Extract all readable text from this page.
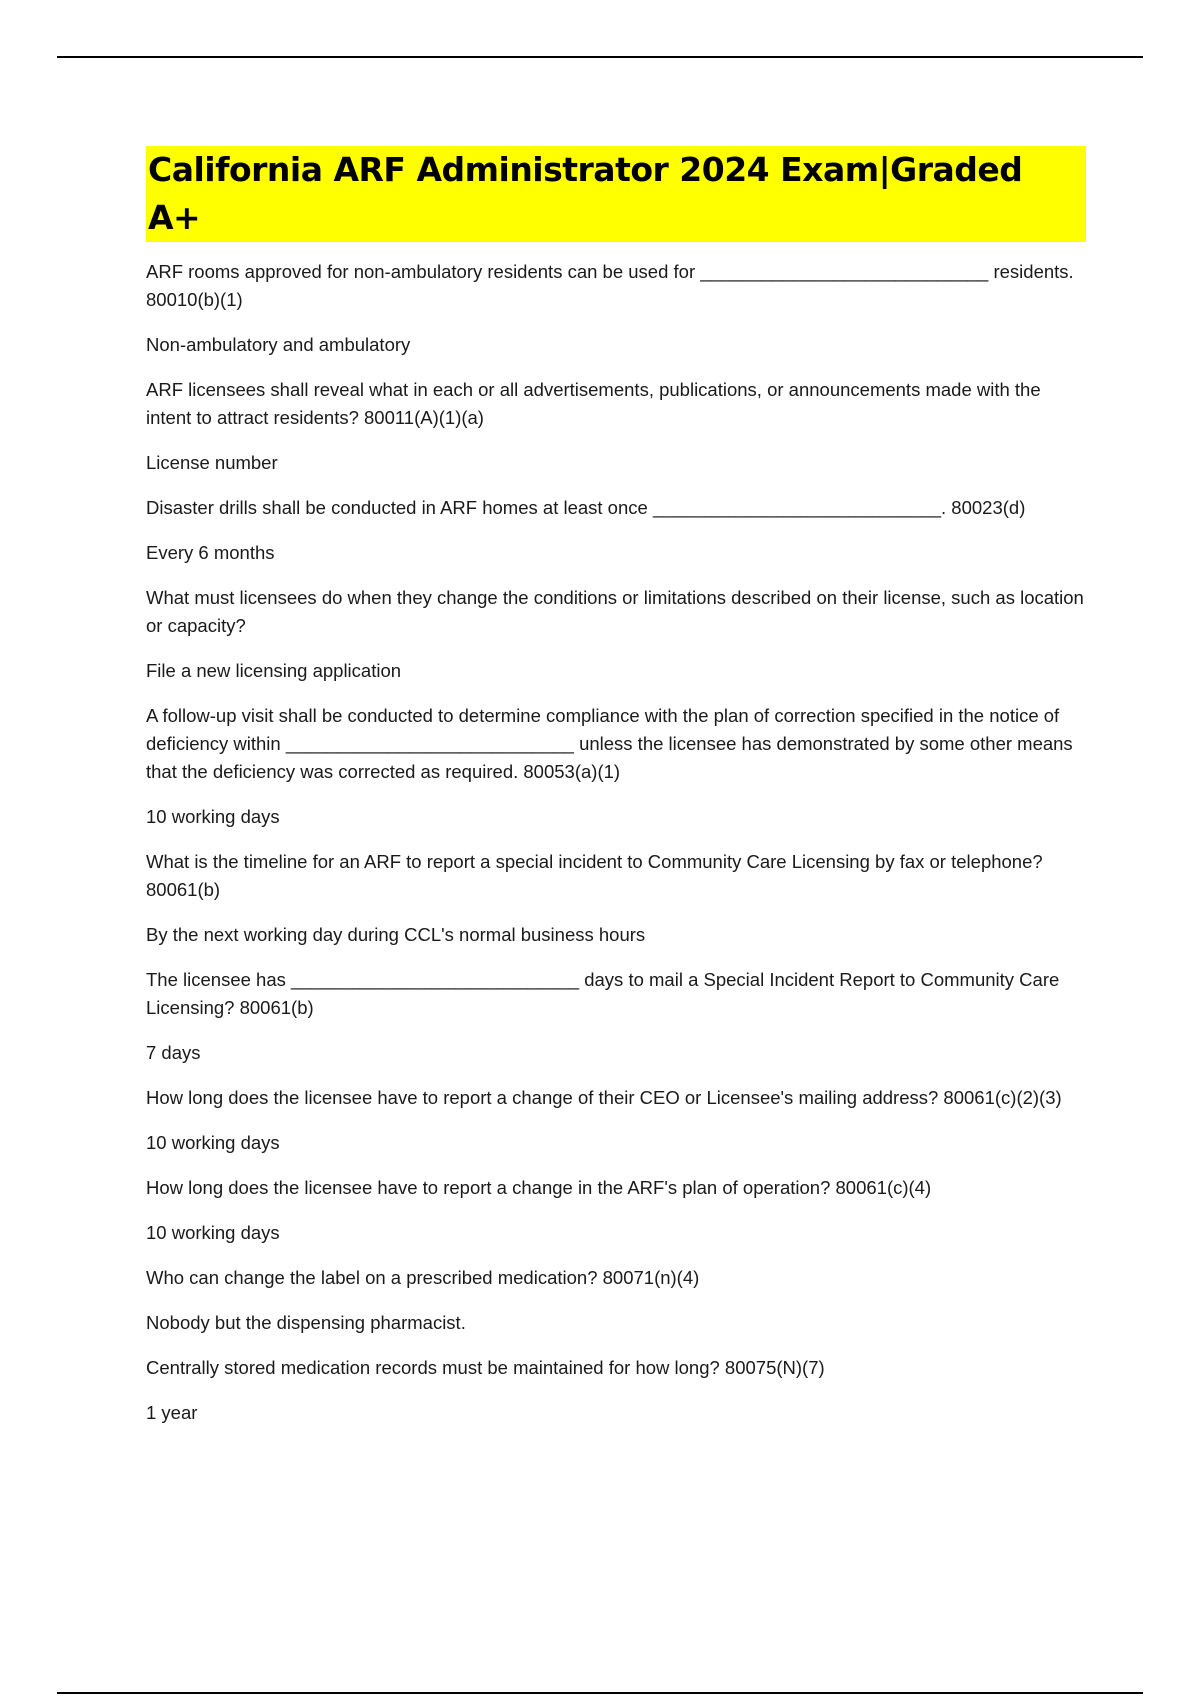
California ARF Administrator 2024 Exam|Graded A+

ARF rooms approved for non-ambulatory residents can be used for ____________________________ residents. 80010(b)(1)

Non-ambulatory and ambulatory

ARF licensees shall reveal what in each or all advertisements, publications, or announcements made with the intent to attract residents? 80011(A)(1)(a)

License number

Disaster drills shall be conducted in ARF homes at least once ____________________________. 80023(d)

Every 6 months

What must licensees do when they change the conditions or limitations described on their license, such as location or capacity?

File a new licensing application

A follow-up visit shall be conducted to determine compliance with the plan of correction specified in the notice of deficiency within ____________________________ unless the licensee has demonstrated by some other means that the deficiency was corrected as required. 80053(a)(1)

10 working days

What is the timeline for an ARF to report a special incident to Community Care Licensing by fax or telephone? 80061(b)

By the next working day during CCL's normal business hours

The licensee has ____________________________ days to mail a Special Incident Report to Community Care Licensing? 80061(b)

7 days

How long does the licensee have to report a change of their CEO or Licensee's mailing address? 80061(c)(2)(3)

10 working days

How long does the licensee have to report a change in the ARF's plan of operation? 80061(c)(4)

10 working days

Who can change the label on a prescribed medication? 80071(n)(4)

Nobody but the dispensing pharmacist.

Centrally stored medication records must be maintained for how long? 80075(N)(7)

1 year
